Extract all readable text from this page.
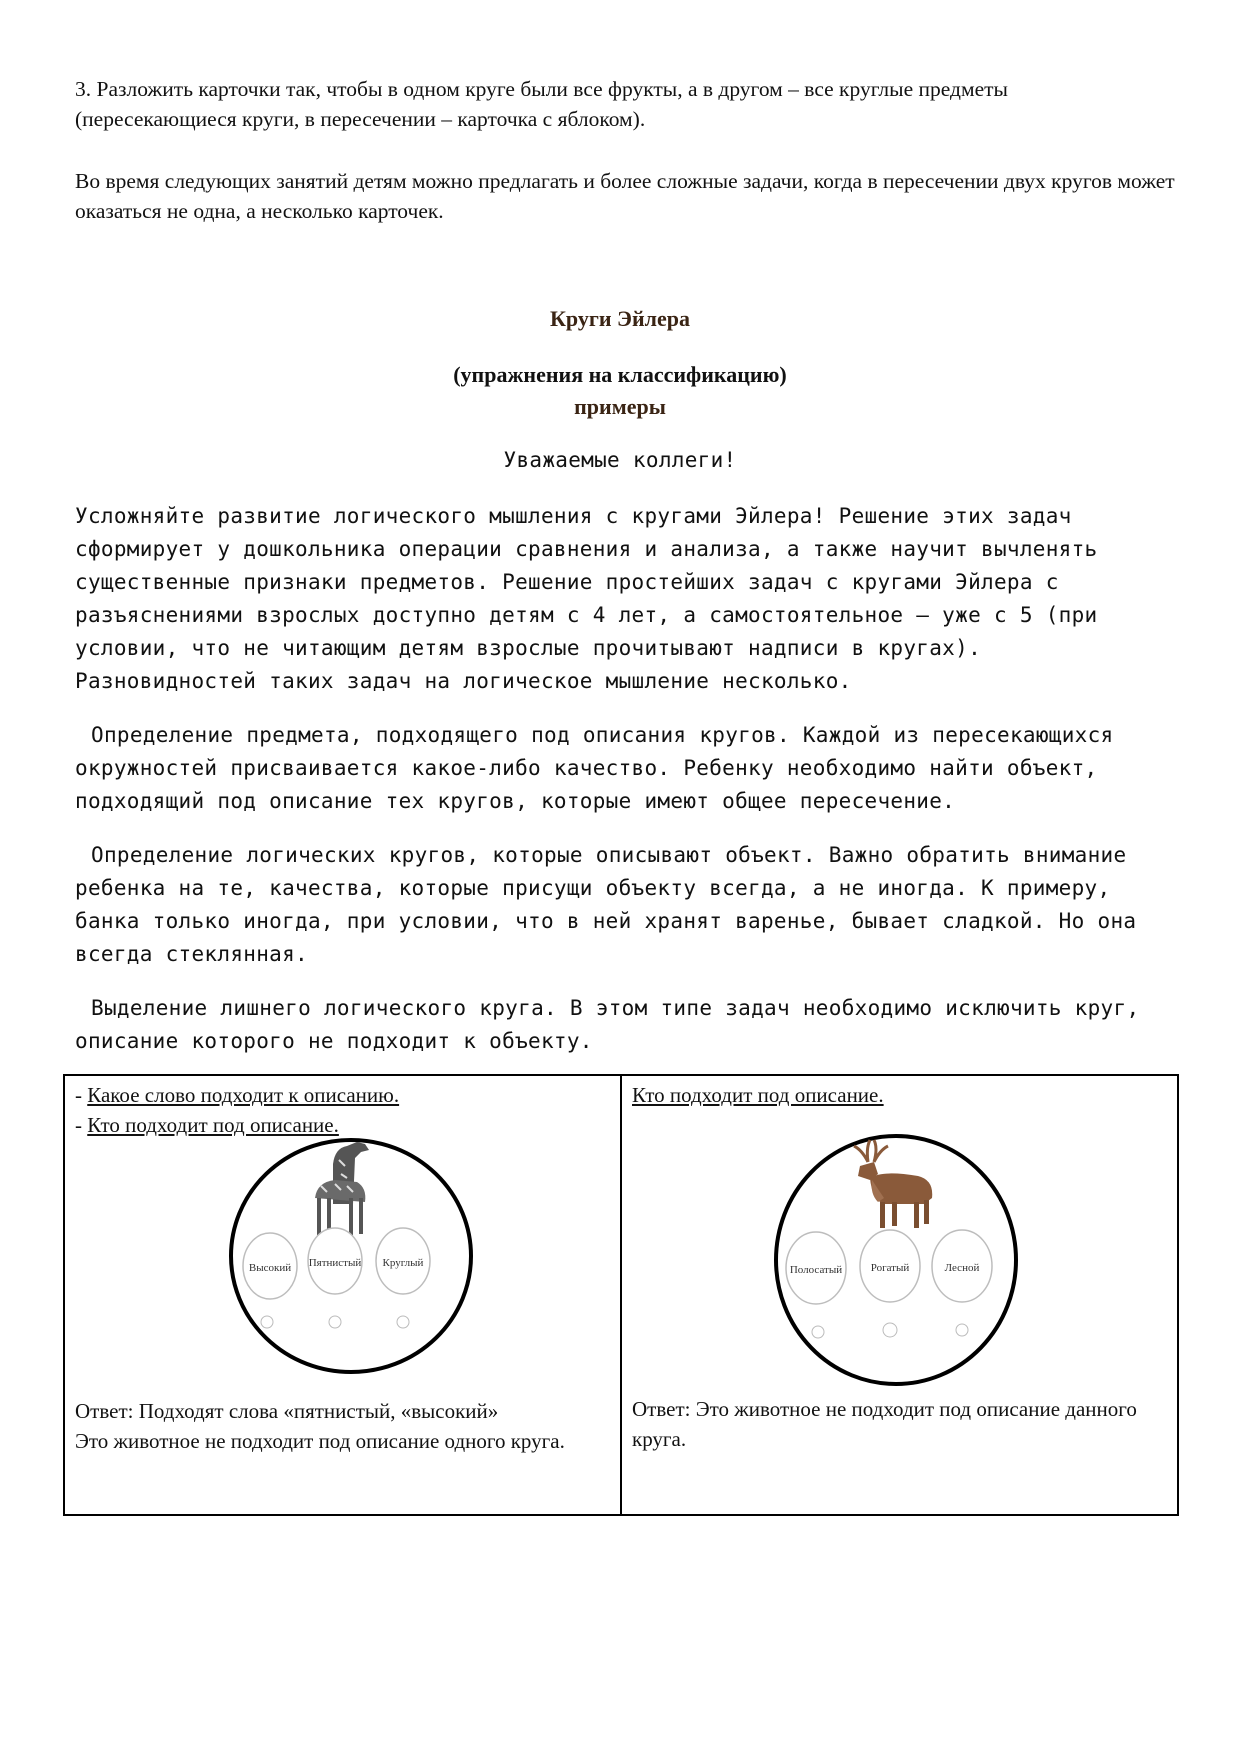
3. Разложить карточки так, чтобы в одном круге были все фрукты, а в другом – все круглые предметы (пересекающиеся круги, в пересечении – карточка с яблоком).

Во время следующих занятий детям можно предлагать и более сложные задачи, когда в пересечении двух кругов может оказаться не одна, а несколько карточек.

Круги Эйлера
(упражнения на классификацию)
примеры
Уважаемые коллеги!

Усложняйте развитие логического мышления с кругами Эйлера! Решение этих задач сформирует у дошкольника операции сравнения и анализа, а также научит вычленять существенные признаки предметов. Решение простейших задач с кругами Эйлера с разъяснениями взрослых доступно детям с 4 лет, а самостоятельное – уже с 5 (при условии, что не читающим детям взрослые прочитывают надписи в кругах). Разновидностей таких задач на логическое мышление несколько.

Определение предмета, подходящего под описания кругов. Каждой из пересекающихся окружностей присваивается какое-либо качество. Ребенку необходимо найти объект, подходящий под описание тех кругов, которые имеют общее пересечение.

Определение логических кругов, которые описывают объект. Важно обратить внимание ребенка на те, качества, которые присущи объекту всегда, а не иногда. К примеру, банка только иногда, при условии, что в ней хранят варенье, бывает сладкой. Но она всегда стеклянная.

Выделение лишнего логического круга. В этом типе задач необходимо исключить круг, описание которого не подходит к объекту.

- Какое слово подходит к описанию.
- Кто подходит под описание.
Высокий Пятнистый Круглый
Ответ: Подходят слова «пятнистый, «высокий»
Это животное не подходит под описание одного круга.

Кто подходит под описание.
Полосатый	Рогатый	Лесной
Ответ: Это животное не подходит под описание данного круга.
